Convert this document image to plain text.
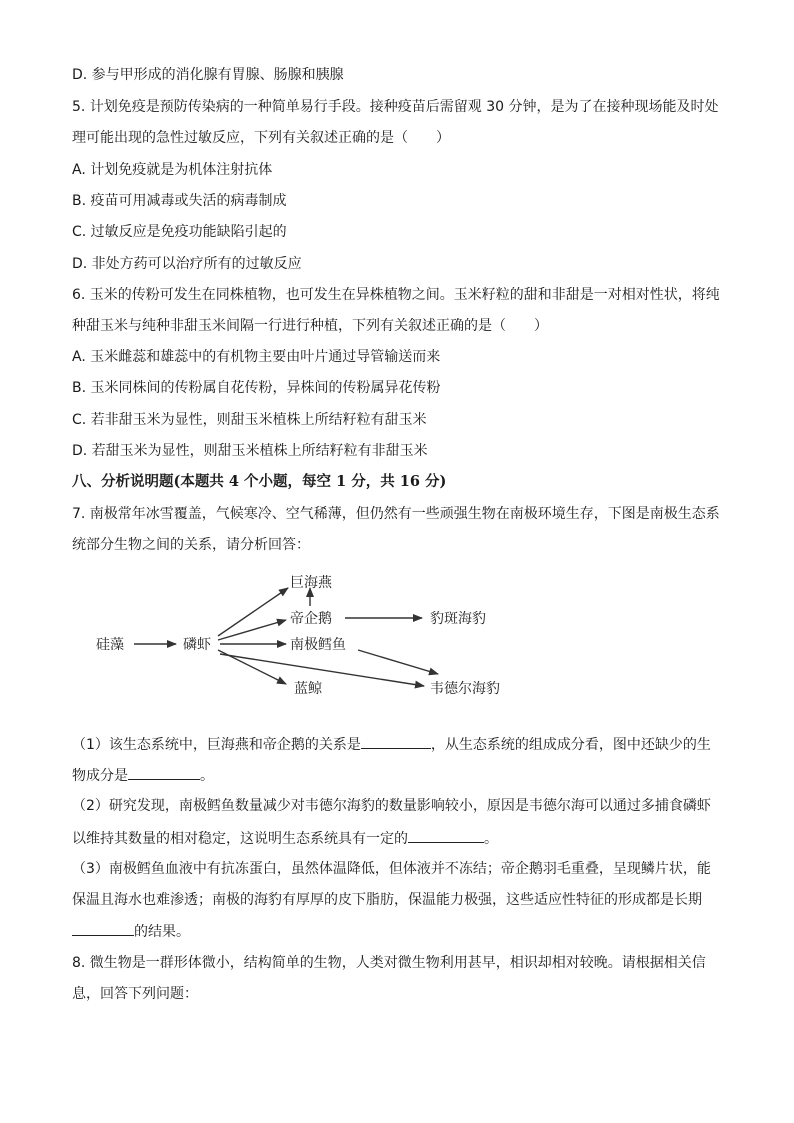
D. 参与甲形成的消化腺有胃腺、肠腺和胰腺
5. 计划免疫是预防传染病的一种简单易行手段。接种疫苗后需留观 30 分钟，是为了在接种现场能及时处
理可能出现的急性过敏反应，下列有关叙述正确的是（　　）
A. 计划免疫就是为机体注射抗体
B. 疫苗可用减毒或失活的病毒制成
C. 过敏反应是免疫功能缺陷引起的
D. 非处方药可以治疗所有的过敏反应
6. 玉米的传粉可发生在同株植物，也可发生在异株植物之间。玉米籽粒的甜和非甜是一对相对性状，将纯
种甜玉米与纯种非甜玉米间隔一行进行种植，下列有关叙述正确的是（　　）
A. 玉米雌蕊和雄蕊中的有机物主要由叶片通过导管输送而来
B. 玉米同株间的传粉属自花传粉，异株间的传粉属异花传粉
C. 若非甜玉米为显性，则甜玉米植株上所结籽粒有甜玉米
D. 若甜玉米为显性，则甜玉米植株上所结籽粒有非甜玉米
八、分析说明题(本题共 4 个小题，每空 1 分，共 16 分)
7. 南极常年冰雪覆盖，气候寒冷、空气稀薄，但仍然有一些顽强生物在南极环境生存，下图是南极生态系
统部分生物之间的关系，请分析回答：
硅藻	磷虾
巨海燕
帝企鹅	豹斑海豹
南极鳕鱼
蓝鲸	韦德尔海豹
（1）该生态系统中，巨海燕和帝企鹅的关系是	，从生态系统的组成成分看，图中还缺少的生
物成分是	。
（2）研究发现，南极鳕鱼数量减少对韦德尔海豹的数量影响较小，原因是韦德尔海可以通过多捕食磷虾
以维持其数量的相对稳定，这说明生态系统具有一定的	。
（3）南极鳕鱼血液中有抗冻蛋白，虽然体温降低，但体液并不冻结；帝企鹅羽毛重叠，呈现鳞片状，能
保温且海水也难渗透；南极的海豹有厚厚的皮下脂肪，保温能力极强，这些适应性特征的形成都是长期
的结果。
8. 微生物是一群形体微小，结构简单的生物，人类对微生物利用甚早，相识却相对较晚。请根据相关信
息，回答下列问题：
